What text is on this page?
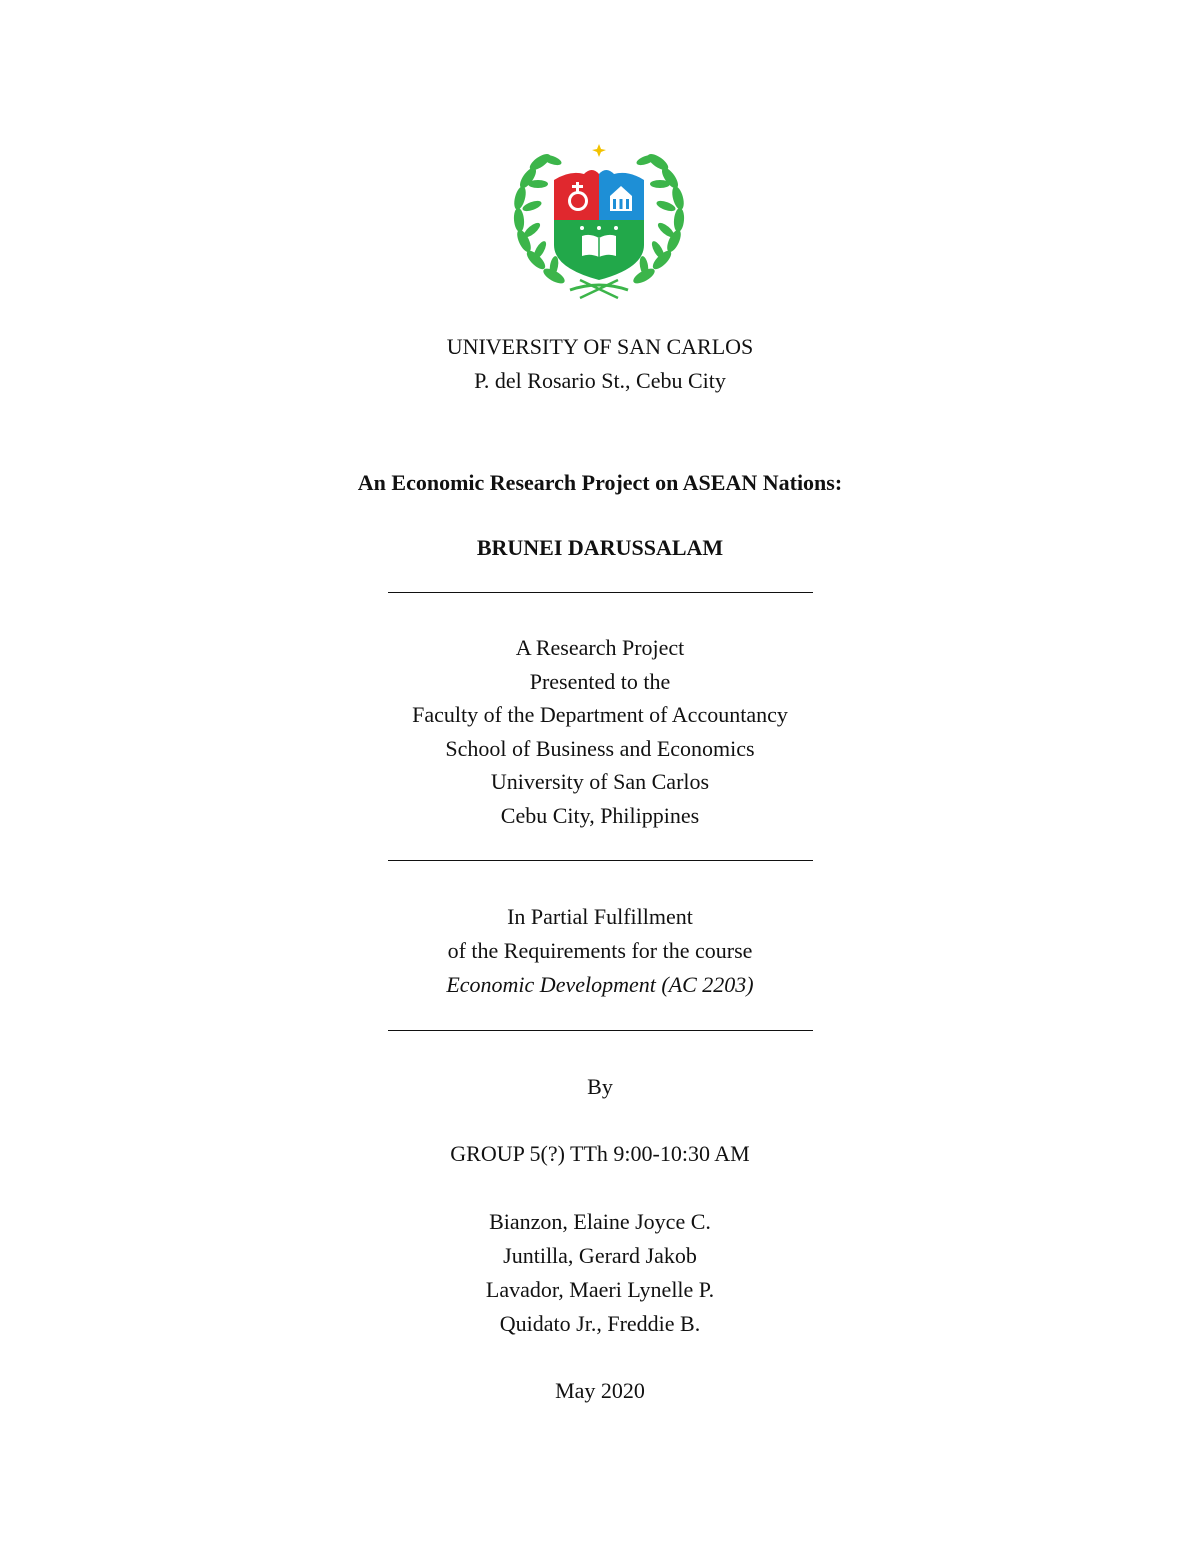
UNIVERSITY OF SAN CARLOS
P. del Rosario St., Cebu City
An Economic Research Project on ASEAN Nations:
BRUNEI DARUSSALAM
A Research Project
Presented to the
Faculty of the Department of Accountancy
School of Business and Economics
University of San Carlos
Cebu City, Philippines
In Partial Fulfillment
of the Requirements for the course
Economic Development (AC 2203)
By
GROUP 5(?) TTh 9:00-10:30 AM
Bianzon, Elaine Joyce C.
Juntilla, Gerard Jakob
Lavador, Maeri Lynelle P.
Quidato Jr., Freddie B.
May 2020
